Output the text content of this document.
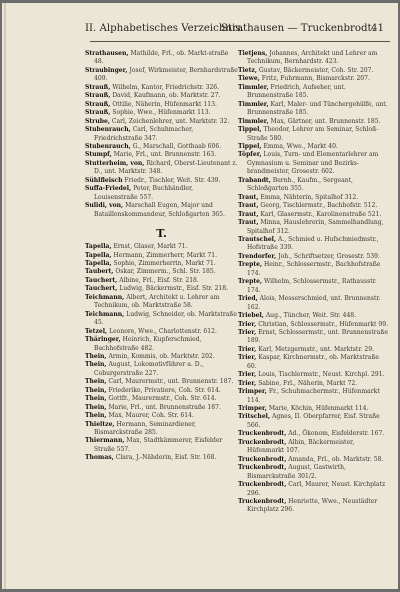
II. Alphabetisches Verzeichnis.
Strathausen — Truckenbrodt.
41

Strathausen, Mathilde, Frl., ob. Markt-straße 48.

Straubinger, Josef, Wirkmeister, Bernhardstraße 409.

Strauß, Wilhelm, Kantor, Friedrichstr. 326.

Strauß, David, Kaufmann, ob. Marktstr. 27.

Strauß, Ottilie, Näherin, Hüfenmarkt 113.

Strauß, Sophie, Wwe., Hüfenmarkt 113.

Strube, Carl, Zeichenlehrer, unt. Marktstr. 32.

Stubenrauch, Carl, Schuhmacher, Friedrichstraße 347.

Stubenrauch, G., Marschall, Gotthaab 606.

Stumpf, Marie, Frl., unt. Brunnenstr. 163.

Stutterheim, von, Richard, Oberst-Lieutenant z. D., unt. Marktstr. 348.

Sühlfleisch Friedr., Tischler, Weit. Str. 439.

Suffa-Friedel, Peter, Buchhändler, Louisenstraße 557.

Sulidi, von, Marschall Eugen, Major und Bataillonskommandeur, Schloßgarten 365.

T.

Tapella, Ernst, Glaser, Markt 71.

Tapella, Hermann, Zimmerherr, Markt 71.

Tapella, Sophie, Zimmerherrin, Markt 71.

Taubert, Oskar, Zimmerm., Schl. Str. 185.

Tauchert, Albine, Frl., Eisf. Str. 218.

Tauchert, Ludwig, Bäckermstr., Eisf. Str. 218.

Teichmann, Albert, Architekt u. Lehrer am Technikum, ob. Marktstraße 58.

Teichmann, Ludwig, Schneider, ob. Marktstraße 45.

Tetzel, Leonore, Wwe., Charlottenstr. 612.

Thäringer, Heinrich, Kupferschmied, Bachhofstraße 482.

Thein, Armin, Kommis, ob. Marktstr. 202.

Thein, August, Lokomotivführer a. D., Coburgerstraße 227.

Thein, Carl, Maurermstr., unt. Brunnenstr. 187.

Thein, Friederike, Privatiere, Coh. Str. 614.

Thein, Gottfr., Maurermstr., Coh. Str. 614.

Thein, Marie, Frl., unt. Brunnenstraße 187.

Thein, Max, Maurer, Coh. Str. 614.

Thieltze, Hermann, Seminardiener, Bismarckstraße 285.

Thiermann, Max, Stadtkämmerer, Eisfelder Straße 557.

Thomas, Clara, J.-Nähderin, Eisf. Str. 168.

Tietjens, Johannes, Architekt und Lehrer am Technikum, Bernhardstr. 423.

Tietz, Gustav, Bäckermeister, Coh. Str. 207.

Tiewe, Fritz, Fuhrmann, Bismarckstr. 207.

Timmler, Friedrich, Aufseher, unt. Brunnenstraße 185.

Timmler, Karl, Maler- und Tünchergehülfe, unt. Brunnenstraße 185.

Timmler, Max, Gärtner, unt. Brunnenstr. 185.

Tippel, Theodor, Lehrer am Seminar, Schloß-Straße 580.

Tippel, Emma, Wwe., Markt 40.

Töpfer, Louis, Turn- und Elementarlehrer am Gymnasium u. Seminar und Bezirks-brandmeister, Grosestr. 602.

Trabandt, Bernh., Kaufm., Sergeant, Schloßgarten 355.

Traut, Emma, Nähterin, Spitalhof 312.

Traut, Georg, Tischlermstr., Bachhofstr. 512.

Traut, Karl, Glasermstr., Karolinenstraße 521.

Traut, Minna, Hauslehrerin, Sammelhandlung, Spitalhof 312.

Trautschel, A., Schmied u. Hufschmiedmstr., Hofstraße 339.

Trendorfer, Joh., Schriftsetzer, Grosestr. 539.

Trepte, Heinr., Schlossermstr., Bachhofstraße 174.

Trepte, Wilhelm, Schlossermstr., Rathausstr. 174.

Tried, Alois, Messerschmied, unt. Brunnenstr. 162.

Triebel, Aug., Tüncher, Weit. Str. 448.

Trier, Christian, Schlossermstr., Hüfenmarkt 99.

Trier, Ernst, Schlossermstr., unt. Brunnenstraße 189.

Trier, Karl, Metzgermstr., unt. Marktstr. 29.

Trier, Kaspar, Kirchnermstr., ob. Marktstraße 60.

Trier, Louis, Tischlermstr., Neust. Kirchpl. 291.

Trier, Sabine, Frl., Näherin, Markt 72.

Trimper, Fr., Schuhmachermstr., Hüfenmarkt 114.

Trimper, Marie, Köchin, Hüfenmarkt 114.

Tritschel, Agnes, II. Oberpfarrer, Eisf. Straße 566.

Truckenbrodt, Ad., Ökonom, Eisfelderstr. 167.

Truckenbrodt, Albin, Bäckermeister, Hüfenmarkt 107.

Truckenbrodt, Amanda, Frl., ob. Marktstr. 58.

Truckenbrodt, August, Gastwirth, Bismarckstraße 301/2.

Truckenbrodt, Carl, Maurer, Neust. Kirchplatz 296.

Truckenbrodt, Henriette, Wwe., Neustädter Kirchplatz 296.
